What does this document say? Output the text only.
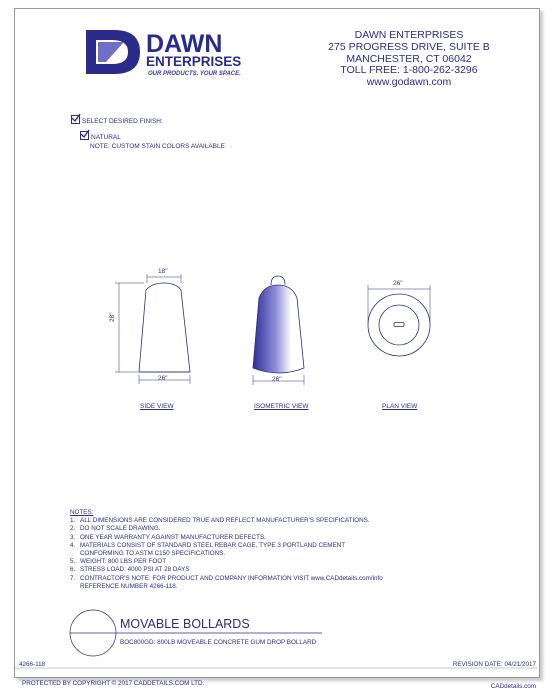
DAWN
ENTERPRISES
OUR PRODUCTS. YOUR SPACE.
DAWN ENTERPRISES
275 PROGRESS DRIVE, SUITE B
MANCHESTER, CT 06042
TOLL FREE: 1-800-262-3296
www.godawn.com
SELECT DESIRED FINISH:
NATURAL
NOTE: CUSTOM STAIN COLORS AVAILABLE
18"
28"
26"	26"
26"
SIDE VIEW	ISOMETRIC VIEW	PLAN VIEW
NOTES:
1. ALL DIMENSIONS ARE CONSIDERED TRUE AND REFLECT MANUFACTURER'S SPECIFICATIONS.
2. DO NOT SCALE DRAWING.
3. ONE YEAR WARRANTY AGAINST MANUFACTURER DEFECTS.
4. MATERIALS CONSIST OF STANDARD STEEL REBAR CAGE, TYPE 3 PORTLAND CEMENT
CONFORMING TO ASTM C150 SPECIFICATIONS.
5. WEIGHT: 800 LBS PER FOOT
6. STRESS LOAD: 4000 PSI AT 28 DAYS
7. CONTRACTOR'S NOTE: FOR PRODUCT AND COMPANY INFORMATION VISIT www.CADdetails.com/info
REFERENCE NUMBER 4266-118.
MOVABLE BOLLARDS
BOC800GD: 800LB MOVEABLE CONCRETE GUM DROP BOLLARD
4266-118	REVISION DATE: 04/21/2017
PROTECTED BY COPYRIGHT © 2017 CADDETAILS.COM LTD.	CADdetails.com
